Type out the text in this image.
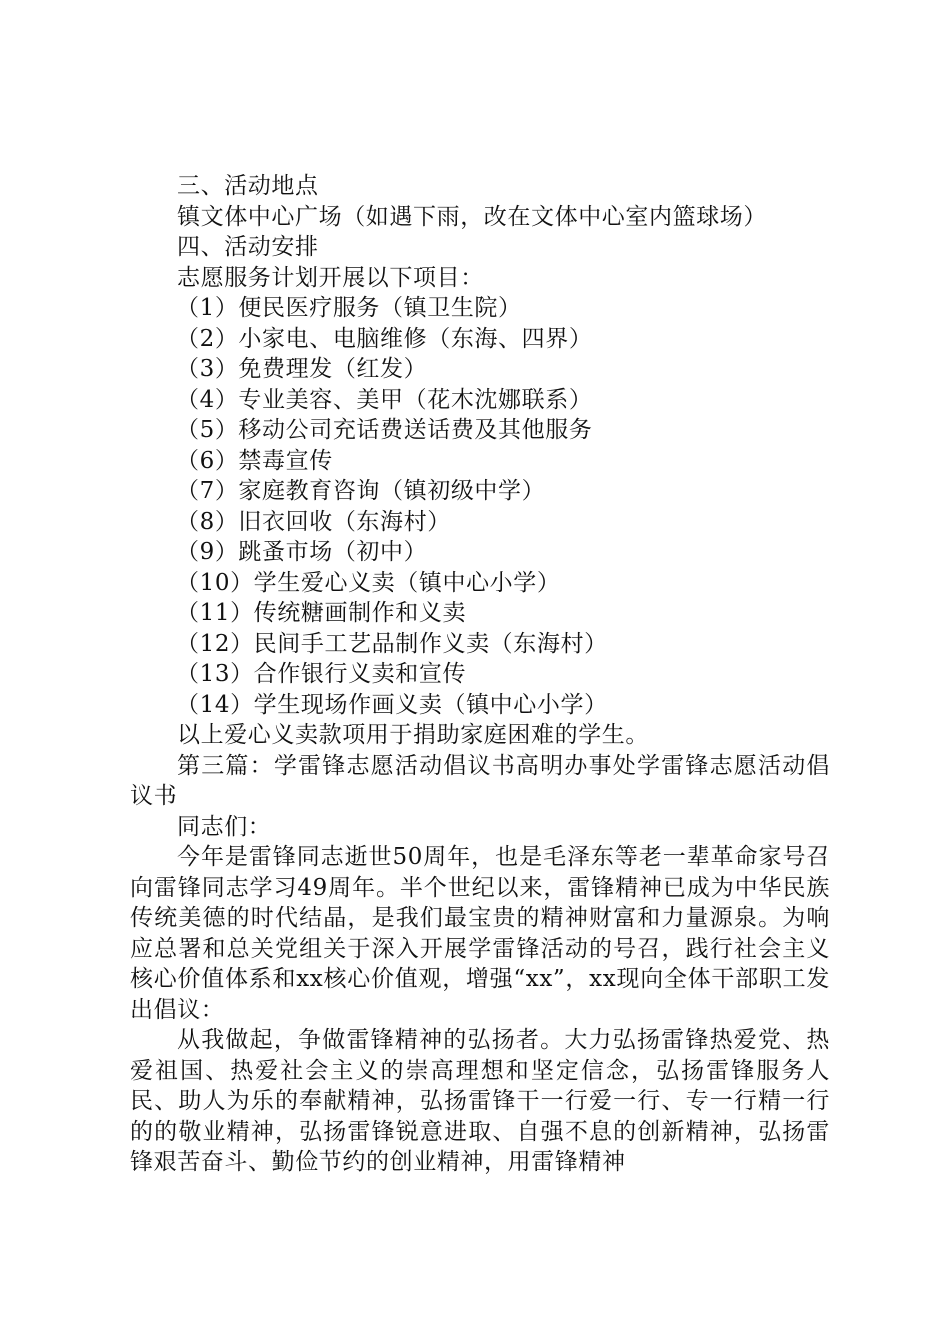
三、活动地点

镇文体中心广场（如遇下雨，改在文体中心室内篮球场）

四、活动安排

志愿服务计划开展以下项目：

（1）便民医疗服务（镇卫生院）

（2）小家电、电脑维修（东海、四界）

（3）免费理发（红发）

（4）专业美容、美甲（花木沈娜联系）

（5）移动公司充话费送话费及其他服务

（6）禁毒宣传

（7）家庭教育咨询（镇初级中学）

（8）旧衣回收（东海村）

（9）跳蚤市场（初中）

（10）学生爱心义卖（镇中心小学）

（11）传统糖画制作和义卖

（12）民间手工艺品制作义卖（东海村）

（13）合作银行义卖和宣传

（14）学生现场作画义卖（镇中心小学）

以上爱心义卖款项用于捐助家庭困难的学生。

第三篇：学雷锋志愿活动倡议书高明办事处学雷锋志愿活动倡议书

同志们：

今年是雷锋同志逝世50周年，也是毛泽东等老一辈革命家号召向雷锋同志学习49周年。半个世纪以来，雷锋精神已成为中华民族传统美德的时代结晶，是我们最宝贵的精神财富和力量源泉。为响应总署和总关党组关于深入开展学雷锋活动的号召，践行社会主义核心价值体系和xx核心价值观，增强“xx”，xx现向全体干部职工发出倡议：

从我做起，争做雷锋精神的弘扬者。大力弘扬雷锋热爱党、热爱祖国、热爱社会主义的崇高理想和坚定信念，弘扬雷锋服务人民、助人为乐的奉献精神，弘扬雷锋干一行爱一行、专一行精一行的的敬业精神，弘扬雷锋锐意进取、自强不息的创新精神，弘扬雷锋艰苦奋斗、勤俭节约的创业精神，用雷锋精神
